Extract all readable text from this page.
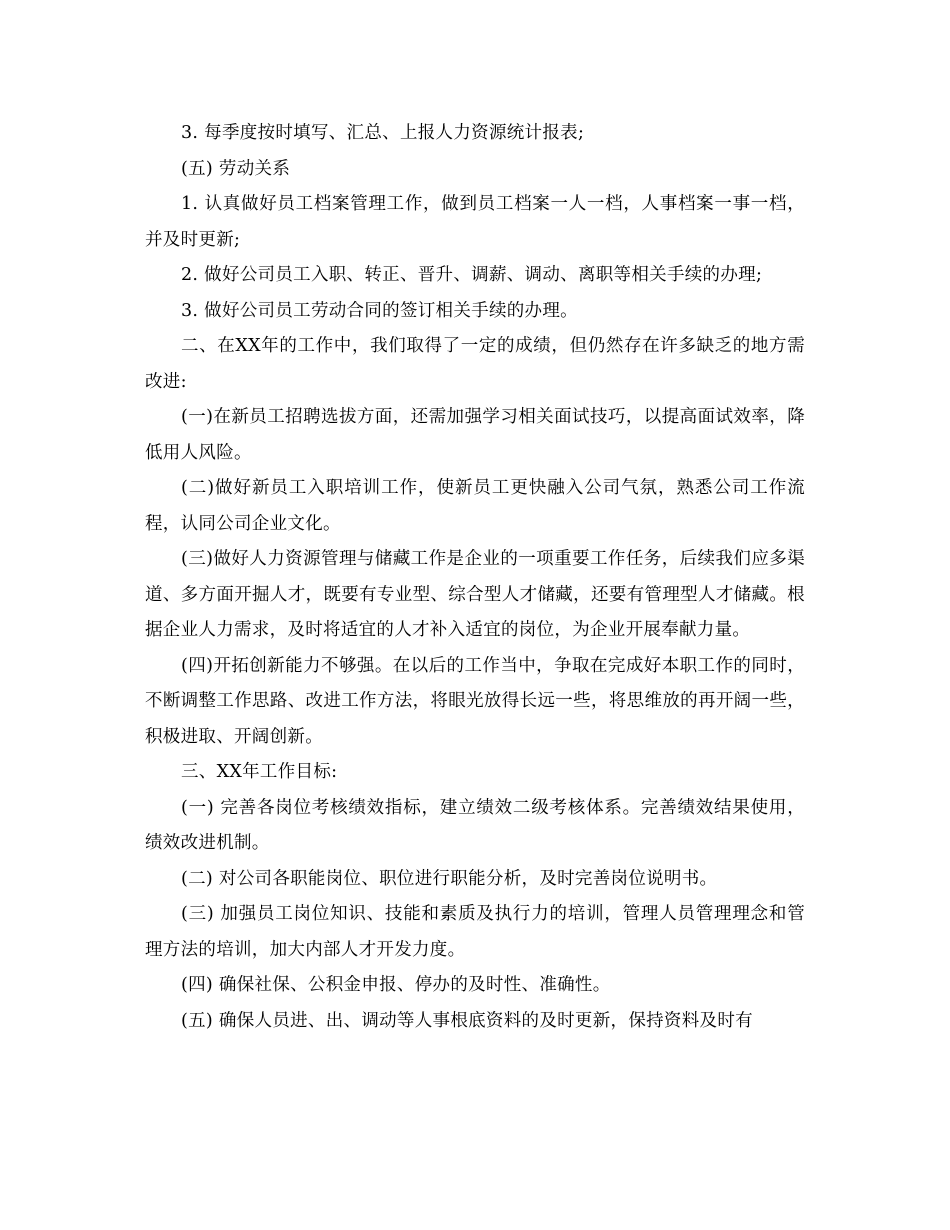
3. 每季度按时填写、汇总、上报人力资源统计报表;

(五) 劳动关系

1. 认真做好员工档案管理工作，做到员工档案一人一档，人事档案一事一档，并及时更新;

2. 做好公司员工入职、转正、晋升、调薪、调动、离职等相关手续的办理;

3. 做好公司员工劳动合同的签订相关手续的办理。

二、在XX年的工作中，我们取得了一定的成绩，但仍然存在许多缺乏的地方需改进:

(一)在新员工招聘选拔方面，还需加强学习相关面试技巧，以提高面试效率，降低用人风险。

(二)做好新员工入职培训工作，使新员工更快融入公司气氛，熟悉公司工作流程，认同公司企业文化。

(三)做好人力资源管理与储藏工作是企业的一项重要工作任务，后续我们应多渠道、多方面开掘人才，既要有专业型、综合型人才储藏，还要有管理型人才储藏。根据企业人力需求，及时将适宜的人才补入适宜的岗位，为企业开展奉献力量。

(四)开拓创新能力不够强。在以后的工作当中，争取在完成好本职工作的同时，不断调整工作思路、改进工作方法，将眼光放得长远一些，将思维放的再开阔一些，积极进取、开阔创新。

三、XX年工作目标:

(一) 完善各岗位考核绩效指标，建立绩效二级考核体系。完善绩效结果使用，绩效改进机制。

(二) 对公司各职能岗位、职位进行职能分析，及时完善岗位说明书。

(三) 加强员工岗位知识、技能和素质及执行力的培训，管理人员管理理念和管理方法的培训，加大内部人才开发力度。

(四) 确保社保、公积金申报、停办的及时性、准确性。

(五) 确保人员进、出、调动等人事根底资料的及时更新，保持资料及时有
